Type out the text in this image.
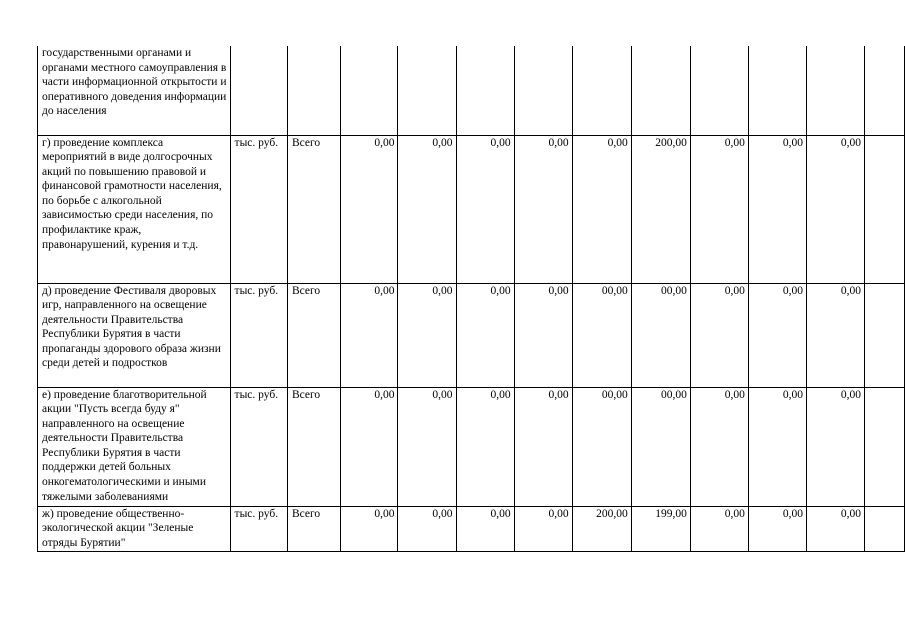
государственными органами и органами местного самоуправления в части информационной открытости и оперативного доведения информации до населения												
г) проведение комплекса мероприятий в виде долгосрочных акций по повышению правовой и финансовой грамотности населения, по борьбе с алкогольной зависимостью среди населения, по профилактике краж, правонарушений, курения и т.д.	тыс. руб.	Всего	0,00	0,00	0,00	0,00	0,00	200,00	0,00	0,00	0,00	
д) проведение Фестиваля дворовых игр, направленного на освещение деятельности Правительства Республики Бурятия в части пропаганды здорового образа жизни среди детей и подростков	тыс. руб.	Всего	0,00	0,00	0,00	0,00	00,00	00,00	0,00	0,00	0,00	
е) проведение благотворительной акции "Пусть всегда буду я" направленного на освещение деятельности Правительства Республики Бурятия в части поддержки детей больных онкогематологическими и иными тяжелыми заболеваниями	тыс. руб.	Всего	0,00	0,00	0,00	0,00	00,00	00,00	0,00	0,00	0,00	
ж) проведение общественно-экологической акции "Зеленые отряды Бурятии"	тыс. руб.	Всего	0,00	0,00	0,00	0,00	200,00	199,00	0,00	0,00	0,00	
